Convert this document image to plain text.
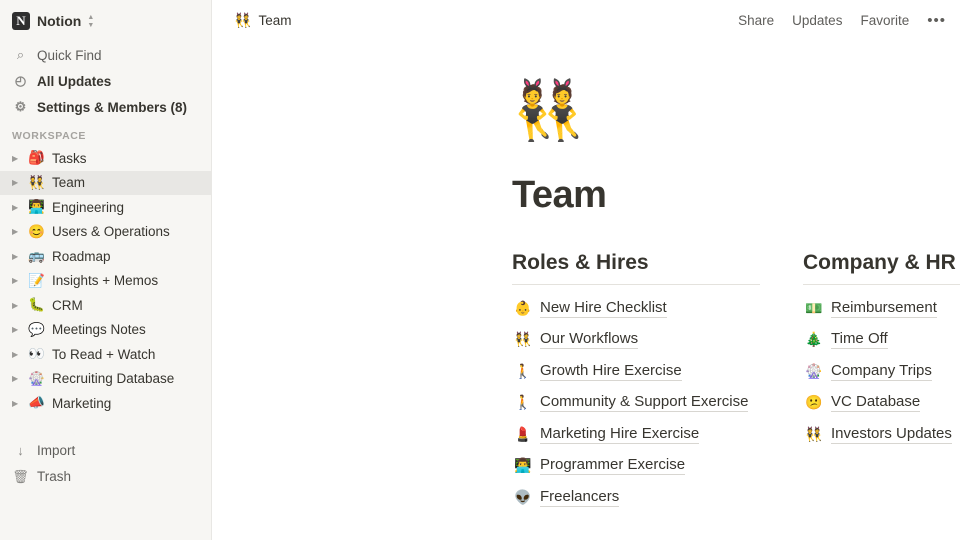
N Notion ▲
▼
⌕ Quick Find
◴ All Updates
⚙ Settings & Members (8)
WORKSPACE
▶ 🎒 Tasks
▶ 👯 Team
▶ 👨‍💻 Engineering
▶ 😊 Users & Operations
▶ 🚌 Roadmap
▶ 📝 Insights + Memos
▶ 🐛 CRM
▶ 💬 Meetings Notes
▶ 👀 To Read + Watch
▶ 🎡 Recruiting Database
▶ 📣 Marketing
↓ Import
🗑 Trash
👯 Team	Share Updates Favorite •••
👯
Team
Roles & Hires
👶 New Hire Checklist
👯 Our Workflows
🚶 Growth Hire Exercise
🚶 Community & Support Exercise
💄 Marketing Hire Exercise
👨‍💻 Programmer Exercise
👽 Freelancers
Company & HR
💵 Reimbursement
🎄 Time Off
🎡 Company Trips
😕 VC Database
👯 Investors Updates
